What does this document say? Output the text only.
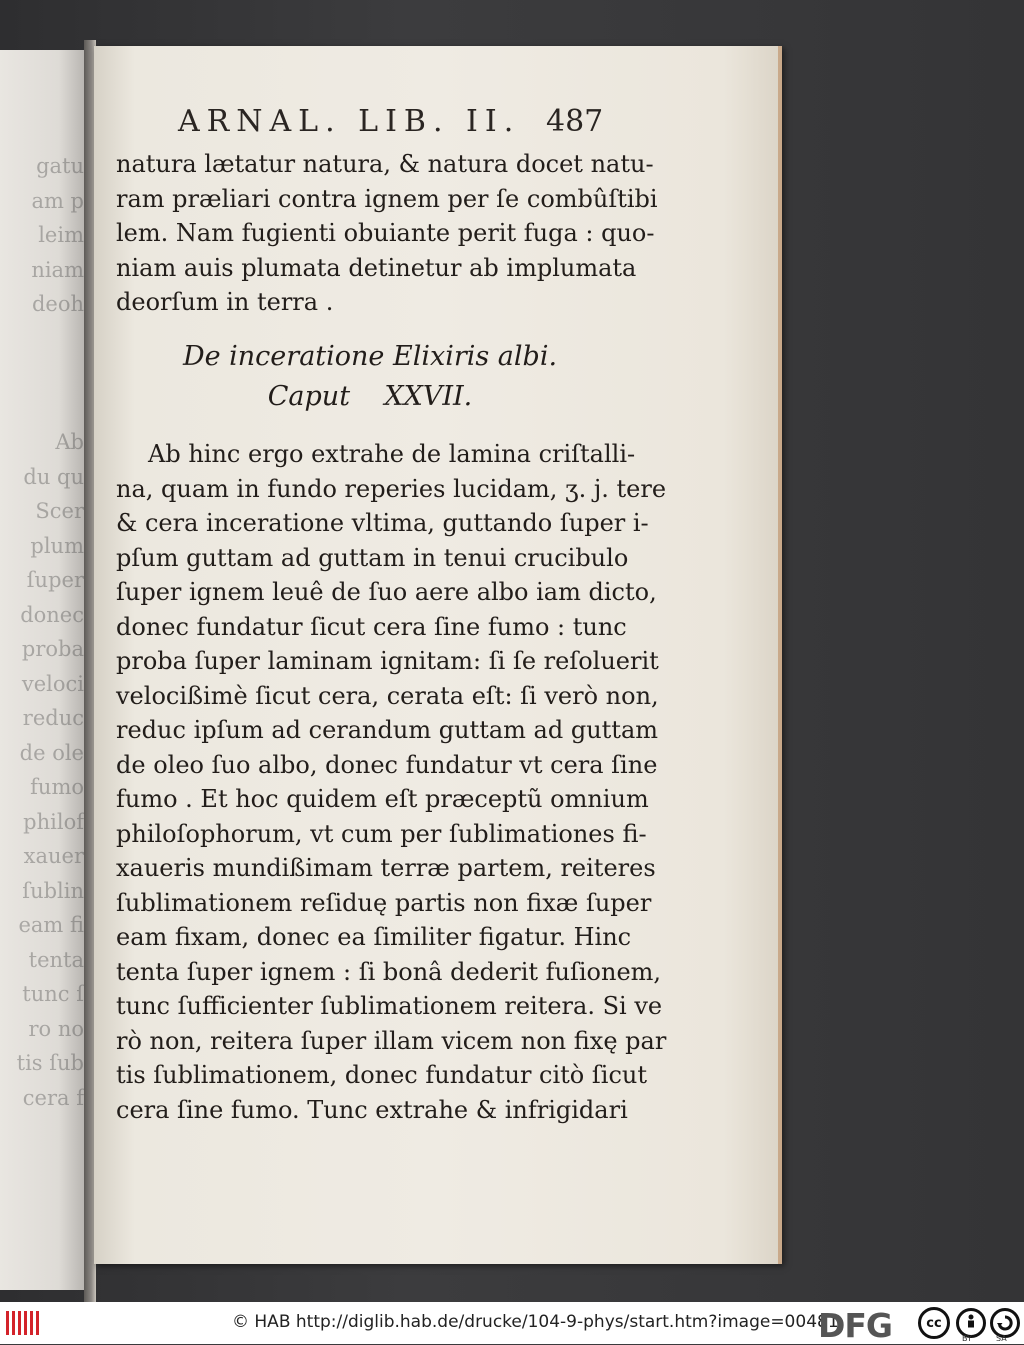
gatu
am p
leim
niam
deoh
Ab
du qu
Scer
plum
ſuper
donec
proba
veloci
reduc
de ole
fumo
philof
xauer
ſublin
eam fi
tenta
tunc ſ
ro no
tis ſub
cera f
ARNAL. LIB. II. 487
natura lætatur natura, & natura docet natu-
ram præliari contra ignem per ſe combûſtibi
lem. Nam fugienti obuiante perit fuga : quo-
niam auis plumata detinetur ab implumata
deorſum in terra .
De inceratione Elixiris albi.
Caput    XXVII.
Ab hinc ergo extrahe de lamina criſtalli-
na, quam in fundo reperies lucidam, ʒ. j. tere
& cera inceratione vltima, guttando ſuper i-
pſum guttam ad guttam in tenui crucibulo
ſuper ignem leuê de ſuo aere albo iam dicto,
donec fundatur ſicut cera ſine fumo : tunc
proba ſuper laminam ignitam: ſi ſe reſoluerit
velocißimè ſicut cera, cerata eſt: ſi verò non,
reduc ipſum ad cerandum guttam ad guttam
de oleo ſuo albo, donec fundatur vt cera ſine
fumo . Et hoc quidem eſt præceptũ omnium
philoſophorum, vt cum per ſublimationes fi-
xaueris mundißimam terræ partem, reiteres
ſublimationem reſiduę partis non fixæ ſuper
eam fixam, donec ea ſimiliter figatur. Hinc
tenta ſuper ignem : ſi bonâ dederit fuſionem,
tunc ſufficienter ſublimationem reitera. Si ve
rò non, reitera ſuper illam vicem non fixę par
tis ſublimationem, donec fundatur citò ſicut
cera ſine fumo. Tunc extrahe & infrigidari
© HAB http://diglib.hab.de/drucke/104-9-phys/start.htm?image=00481
DFG	cc
BY	SA
